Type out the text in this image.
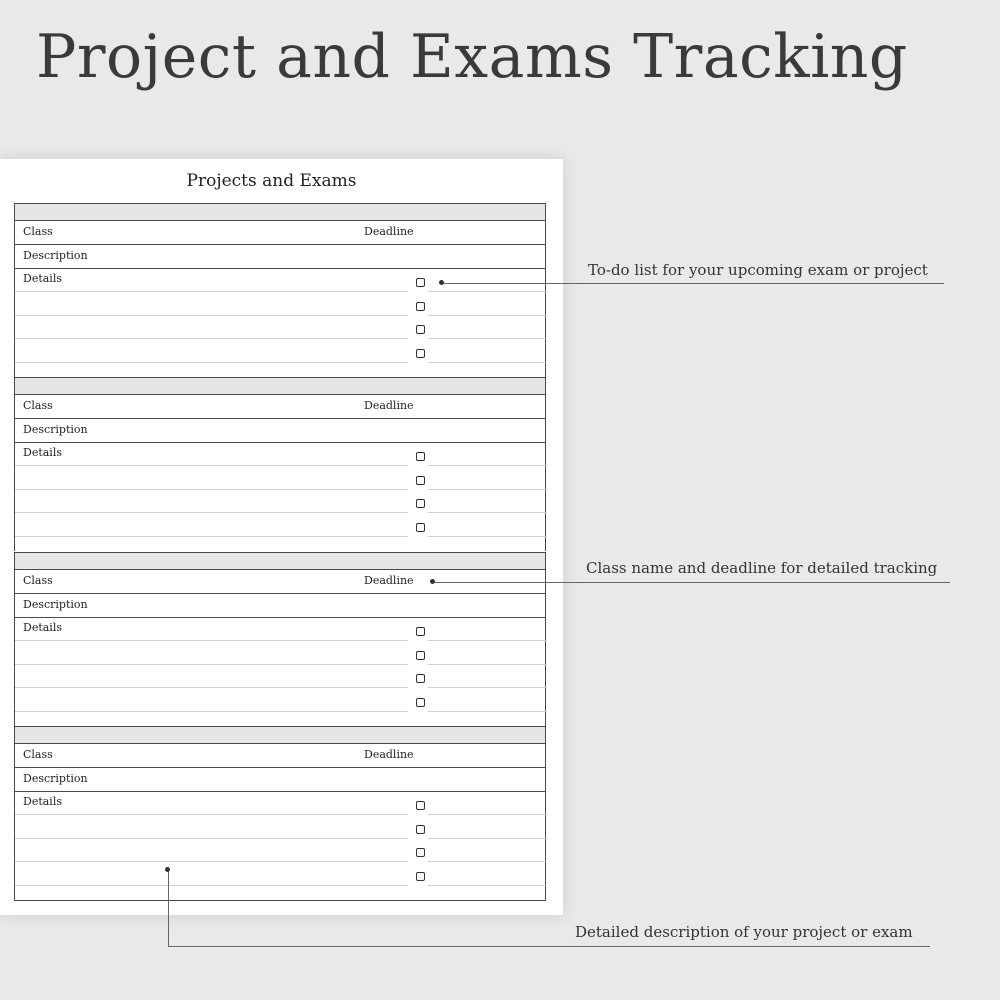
Project and Exams Tracking
Projects and Exams
Class	Deadline
Description
Details
Class	Deadline
Description
Details
Class	Deadline
Description
Details
Class	Deadline
Description
Details
To-do list for your upcoming exam or project
Class name and deadline for detailed tracking
Detailed description of your project or exam
